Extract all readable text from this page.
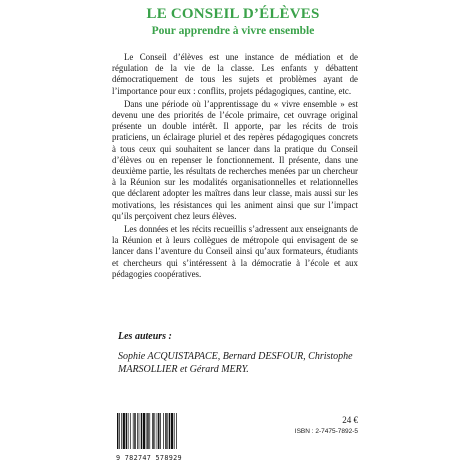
LE CONSEIL D’ÉLÈVES
Pour apprendre à vivre ensemble

Le Conseil d’élèves est une instance de médiation et de régulation de la vie de la classe. Les enfants y débattent démocratiquement de tous les sujets et problèmes ayant de l’importance pour eux : conflits, projets pédagogiques, cantine, etc.

Dans une période où l’apprentissage du « vivre ensemble » est devenu une des priorités de l’école primaire, cet ouvrage original présente un double intérêt. Il apporte, par les récits de trois praticiens, un éclairage pluriel et des repères pédagogiques concrets à tous ceux qui souhaitent se lancer dans la pratique du Conseil d’élèves ou en repenser le fonctionnement. Il présente, dans une deuxième partie, les résultats de recherches menées par un chercheur à la Réunion sur les modalités organisationnelles et relationnelles que déclarent adopter les maîtres dans leur classe, mais aussi sur les motivations, les résistances qui les animent ainsi que sur l’impact qu’ils perçoivent chez leurs élèves.

Les données et les récits recueillis s’adressent aux enseignants de la Réunion et à leurs collègues de métropole qui envisagent de se lancer dans l’aventure du Conseil ainsi qu’aux formateurs, étudiants et chercheurs qui s’intéressent à la démocratie à l’école et aux pédagogies coopératives.

Les auteurs :
Sophie ACQUISTAPACE, Bernard DESFOUR, Christophe MARSOLLIER et Gérard MERY.
9 782747 578929
24 €
ISBN : 2-7475-7892-5
